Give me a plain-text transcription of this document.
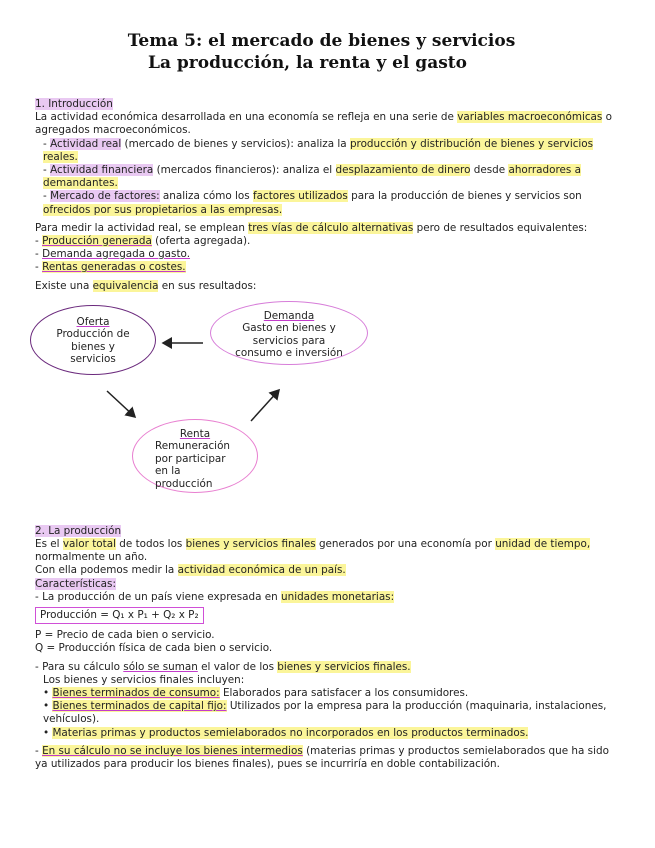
Tema 5: el mercado de bienes y servicios
La producción, la renta y el gasto

1. Introducción

La actividad económica desarrollada en una economía se refleja en una serie de variables macroeconómicas o agregados macroeconómicos.

- Actividad real (mercado de bienes y servicios): analiza la producción y distribución de bienes y servicios reales.

- Actividad financiera (mercados financieros): analiza el desplazamiento de dinero desde ahorradores a demandantes.

- Mercado de factores: analiza cómo los factores utilizados para la producción de bienes y servicios son ofrecidos por sus propietarios a las empresas.

Para medir la actividad real, se emplean tres vías de cálculo alternativas pero de resultados equivalentes:

- Producción generada (oferta agregada).

- Demanda agregada o gasto.

- Rentas generadas o costes.

Existe una equivalencia en sus resultados:

Oferta
Producción de bienes y servicios
Demanda
Gasto en bienes y servicios para consumo e inversión
Renta
Remuneración por participar en la producción

2. La producción

Es el valor total de todos los bienes y servicios finales generados por una economía por unidad de tiempo, normalmente un año.

Con ella podemos medir la actividad económica de un país.

Características:

- La producción de un país viene expresada en unidades monetarias:

Producción = Q₁ x P₁ + Q₂ x P₂

P = Precio de cada bien o servicio.

Q = Producción física de cada bien o servicio.

- Para su cálculo sólo se suman el valor de los bienes y servicios finales.

Los bienes y servicios finales incluyen:

• Bienes terminados de consumo: Elaborados para satisfacer a los consumidores.

• Bienes terminados de capital fijo: Utilizados por la empresa para la producción (maquinaria, instalaciones, vehículos).

• Materias primas y productos semielaborados no incorporados en los productos terminados.

- En su cálculo no se incluye los bienes intermedios (materias primas y productos semielaborados que ha sido ya utilizados para producir los bienes finales), pues se incurriría en doble contabilización.
